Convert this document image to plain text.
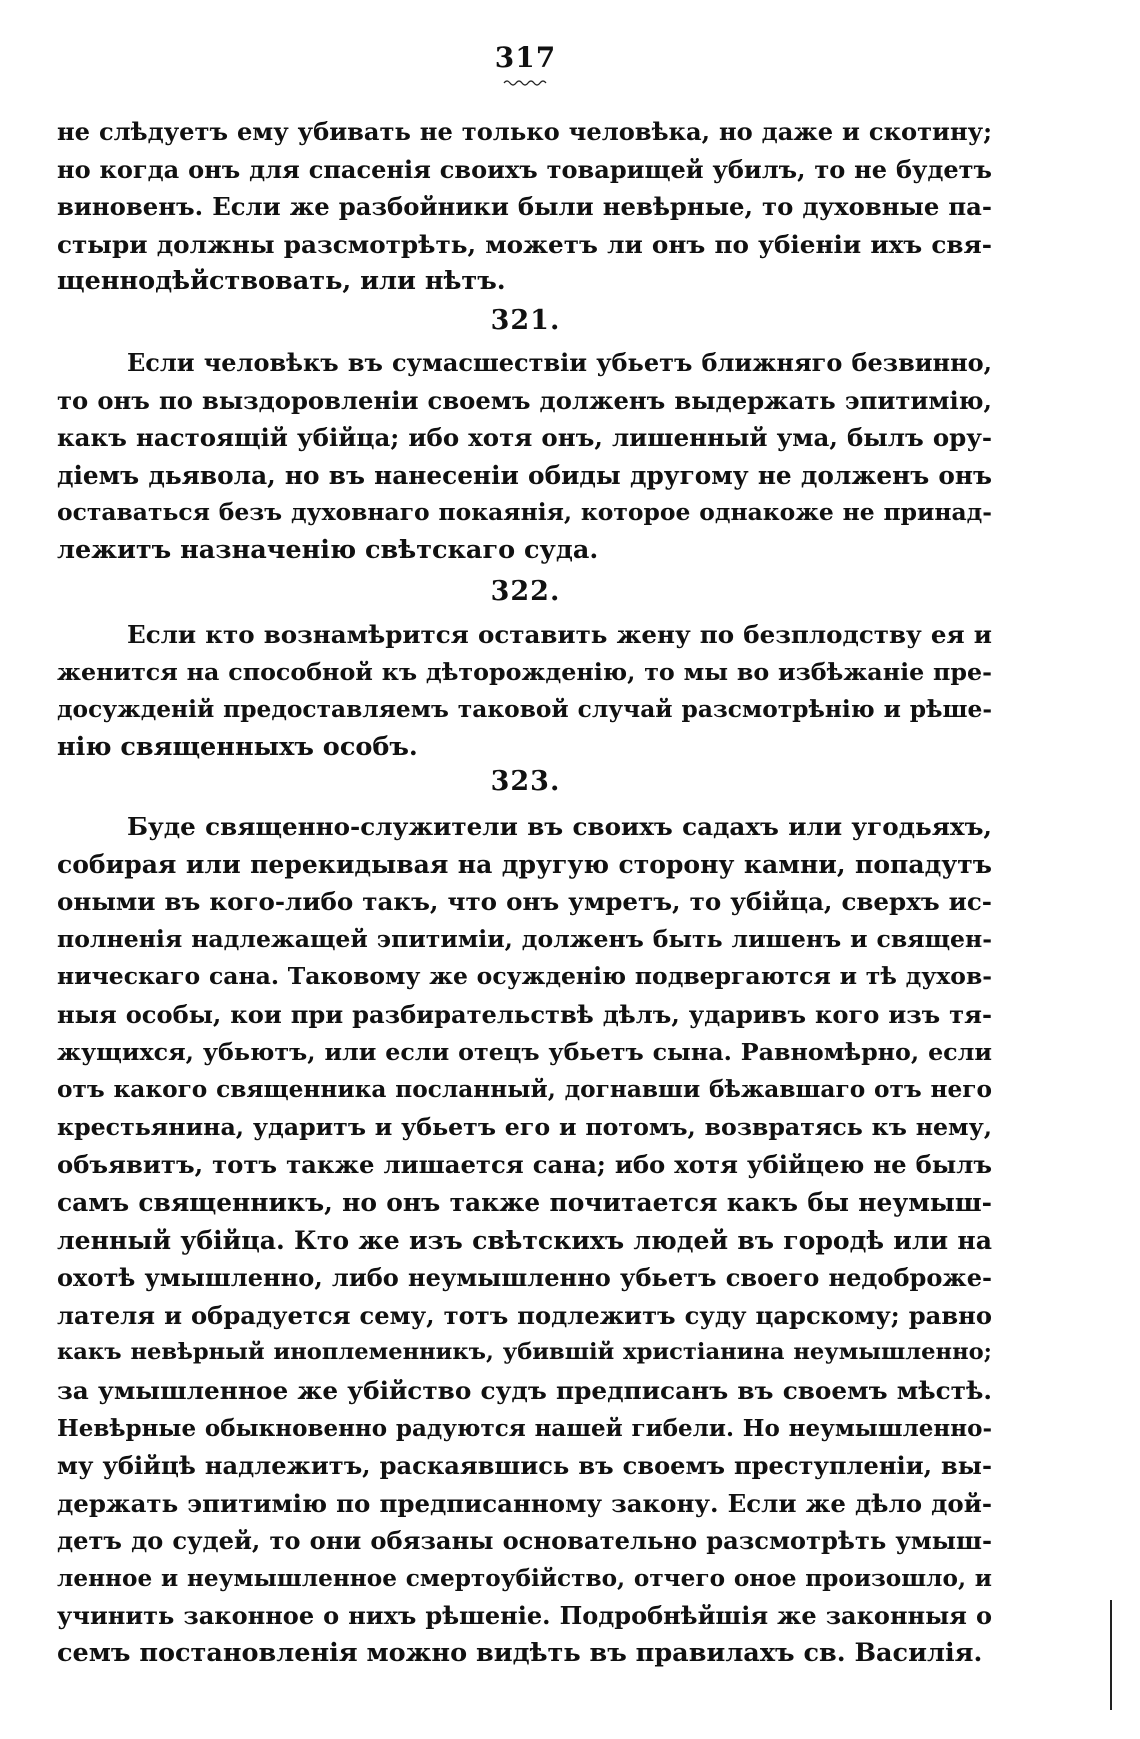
317
не слѣдуетъ ему убивать не только человѣка, но даже и скотину;
но когда онъ для спасенія своихъ товарищей убилъ, то не будетъ
виновенъ. Если же разбойники были невѣрные, то духовные па-
стыри должны разсмотрѣть, можетъ ли онъ по убіеніи ихъ свя-
щеннодѣйствовать, или нѣтъ.
321.
Если человѣкъ въ сумасшествіи убьетъ ближняго безвинно,
то онъ по выздоровленіи своемъ долженъ выдержать эпитимію,
какъ настоящій убійца; ибо хотя онъ, лишенный ума, былъ ору-
діемъ дьявола, но въ нанесеніи обиды другому не долженъ онъ
оставаться безъ духовнаго покаянія, которое однакоже не принад-
лежитъ назначенію свѣтскаго суда.
322.
Если кто вознамѣрится оставить жену по безплодству ея и
женится на способной къ дѣторожденію, то мы во избѣжаніе пре-
досужденій предоставляемъ таковой случай разсмотрѣнію и рѣше-
нію священныхъ особъ.
323.
Буде священно-служители въ своихъ садахъ или угодьяхъ,
собирая или перекидывая на другую сторону камни, попадутъ
оными въ кого-либо такъ, что онъ умретъ, то убійца, сверхъ ис-
полненія надлежащей эпитиміи, долженъ быть лишенъ и священ-
ническаго сана. Таковому же осужденію подвергаются и тѣ духов-
ныя особы, кои при разбирательствѣ дѣлъ, ударивъ кого изъ тя-
жущихся, убьютъ, или если отецъ убьетъ сына. Равномѣрно, если
отъ какого священника посланный, догнавши бѣжавшаго отъ него
крестьянина, ударитъ и убьетъ его и потомъ, возвратясь къ нему,
объявитъ, тотъ также лишается сана; ибо хотя убійцею не былъ
самъ священникъ, но онъ также почитается какъ бы неумыш-
ленный убійца. Кто же изъ свѣтскихъ людей въ городѣ или на
охотѣ умышленно, либо неумышленно убьетъ своего недоброже-
лателя и обрадуется сему, тотъ подлежитъ суду царскому; равно
какъ невѣрный иноплеменникъ, убившій христіанина неумышленно;
за умышленное же убійство судъ предписанъ въ своемъ мѣстѣ.
Невѣрные обыкновенно радуются нашей гибели. Но неумышленно-
му убійцѣ надлежитъ, раскаявшись въ своемъ преступленіи, вы-
держать эпитимію по предписанному закону. Если же дѣло дой-
детъ до судей, то они обязаны основательно разсмотрѣть умыш-
ленное и неумышленное смертоубійство, отчего оное произошло, и
учинить законное о нихъ рѣшеніе. Подробнѣйшія же законныя о
семъ постановленія можно видѣть въ правилахъ св. Василія.
